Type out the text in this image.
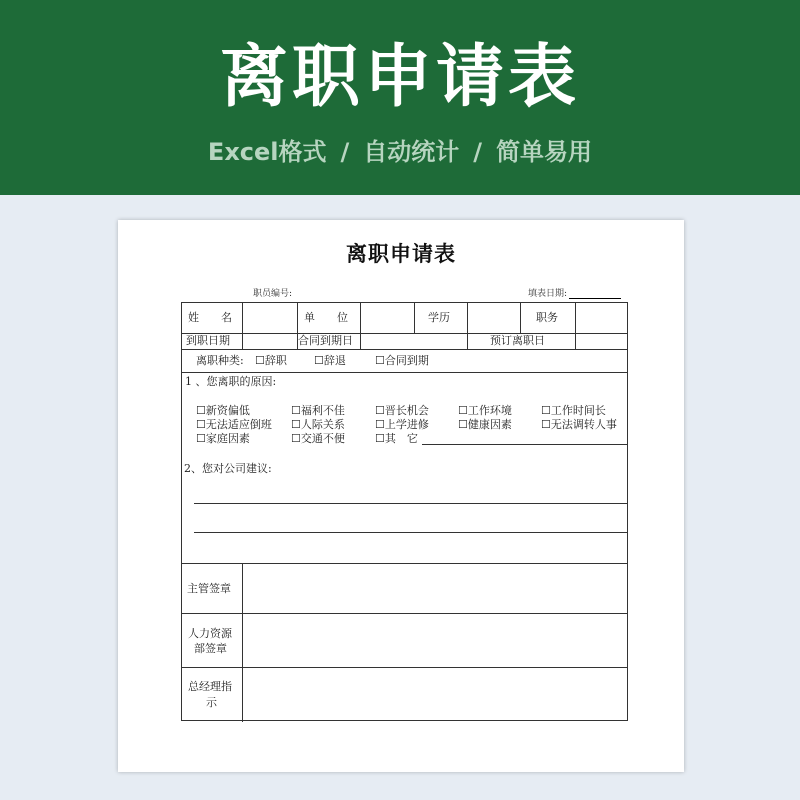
离职申请表
Excel格式 / 自动统计 / 简单易用
离职申请表
职员编号:	填表日期:
姓　　名	单　　位	学历	职务
到职日期	合同到期日	预订离职日
离职种类: ☐辞职 ☐辞退	☐合同到期
1 、您离职的原因:
☐新资偏低	☐福利不佳	☐晋长机会	☐工作环境	☐工作时间长
☐无法适应倒班 ☐人际关系	☐上学进修	☐健康因素	☐无法调转人事
☐家庭因素	☐交通不便	☐其　它
2、您对公司建议:
主管签章
人力资源
部签章
总经理指
示
